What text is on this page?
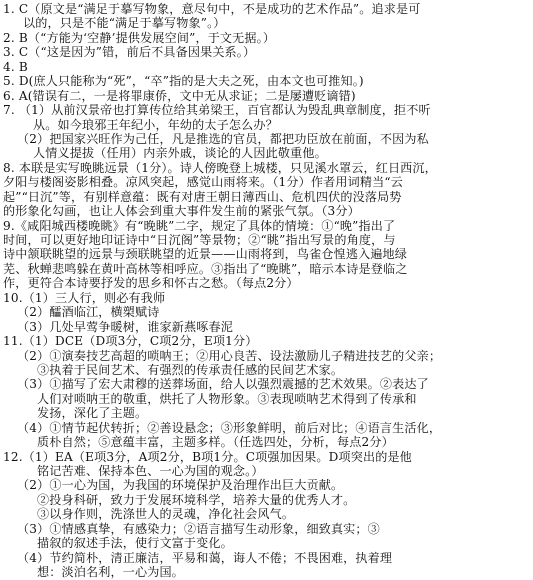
1. C（原文是“满足于摹写物象，意尽句中，不是成功的艺术作品”。追求是可
以的，只是不能“满足于摹写物象”。）
2. B（“方能为‘空静’提供发展空间”，于文无据。）
3. C（“这是因为”错，前后不具备因果关系。）
4. B
5. D(庶人只能称为“死”，“卒”指的是大夫之死，由本文也可推知。)
6. A(错误有二，一是将罪康侨，文中无从求证；二是屡遭贬谪错)
7. （1）从前汉景帝也打算传位给其弟梁王，百官都认为毁乱典章制度，拒不听
从。如今琅邪王年纪小，年幼的太子怎么办？
（2）把国家兴旺作为己任，凡是推选的官员，都把功臣放在前面，不因为私
人情义提拔（任用）内亲外戚，谈论的人因此敬重他。
8. 本联是实写晚眺远景（1分）。诗人傍晚登上城楼，只见溪水罩云，红日西沉，
夕阳与楼阁姿影相叠。凉风突起，感觉山雨将来。（1分）作者用词精当“云
起”“日沉”等，有别样意蕴：既有对唐王朝日薄西山、危机四伏的没落局势
的形象化勾画，也让人体会到重大事件发生前的紧张气氛。（3分）
9.《咸阳城西楼晚眺》有“晚眺”二字，规定了具体的情境：①“晚”指出了
时间，可以更好地印证诗中“日沉阁”等景物；②“眺”指出写景的角度，与
诗中颔联眺望的远景与颈联眺望的近景——山雨将到，鸟雀仓惶逃入遍地绿
芜、秋蝉悲鸣躲在黄叶高林等相呼应。③指出了“晚眺”，暗示本诗是登临之
作，更符合本诗要抒发的思乡和怀古之愁。（每点2分）
10.（1）三人行，则必有我师
（2）醽酒临江，横槊赋诗
（3）几处早莺争暖树，谁家新燕啄春泥
11.（1）DCE（D项3分，C项2分，E项1分）
（2）①演奏技艺高超的唢呐王；②用心良苦、设法激励儿子精进技艺的父亲；
③执着于民间艺术、有强烈的传承责任感的民间艺术家。
（3）①描写了宏大肃穆的送葬场面，给人以强烈震撼的艺术效果。②表达了
人们对唢呐王的敬重，烘托了人物形象。③表现唢呐艺术得到了传承和
发扬，深化了主题。
（4）①情节起伏转折；②善设悬念；③形象鲜明，前后对比；④语言生活化，
质朴自然；⑤意蕴丰富，主题多样。（任选四处，分析，每点2分）
12.（1）EA（E项3分，A项2分，B项1分。C项强加因果。D项突出的是他
铭记苦难、保持本色、一心为国的观念。）
（2）①一心为国，为我国的环境保护及治理作出巨大贡献。
②投身科研，致力于发展环境科学，培养大量的优秀人才。
③以身作则，洗涤世人的灵魂，净化社会风气。
（3）①情感真挚，有感染力；②语言描写生动形象，细致真实；③
描叙的叙述手法，使行文富于变化。
（4）节约简朴，清正廉洁，平易和蔼，诲人不倦；不畏困难，执着理
想：淡泊名利，一心为国。
